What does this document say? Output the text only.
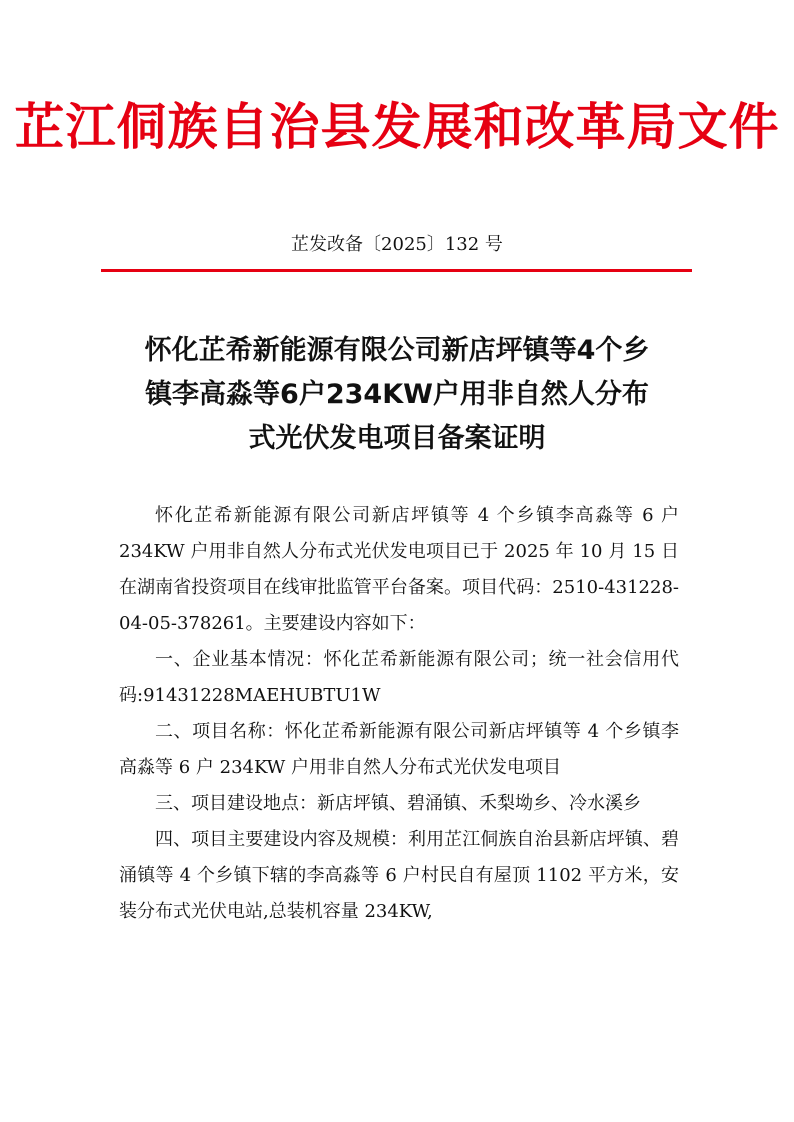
芷江侗族自治县发展和改革局文件
芷发改备〔2025〕132 号
怀化芷希新能源有限公司新店坪镇等4个乡
镇李高淼等6户234KW户用非自然人分布
式光伏发电项目备案证明

怀化芷希新能源有限公司新店坪镇等 4 个乡镇李高淼等 6 户 234KW 户用非自然人分布式光伏发电项目已于 2025 年 10 月 15 日在湖南省投资项目在线审批监管平台备案。项目代码：2510-431228-04-05-378261。主要建设内容如下：

一、企业基本情况：怀化芷希新能源有限公司；统一社会信用代码:91431228MAEHUBTU1W

二、项目名称：怀化芷希新能源有限公司新店坪镇等 4 个乡镇李高淼等 6 户 234KW 户用非自然人分布式光伏发电项目

三、项目建设地点：新店坪镇、碧涌镇、禾梨坳乡、冷水溪乡

四、项目主要建设内容及规模：利用芷江侗族自治县新店坪镇、碧涌镇等 4 个乡镇下辖的李高淼等 6 户村民自有屋顶 1102 平方米，安装分布式光伏电站,总装机容量 234KW,
